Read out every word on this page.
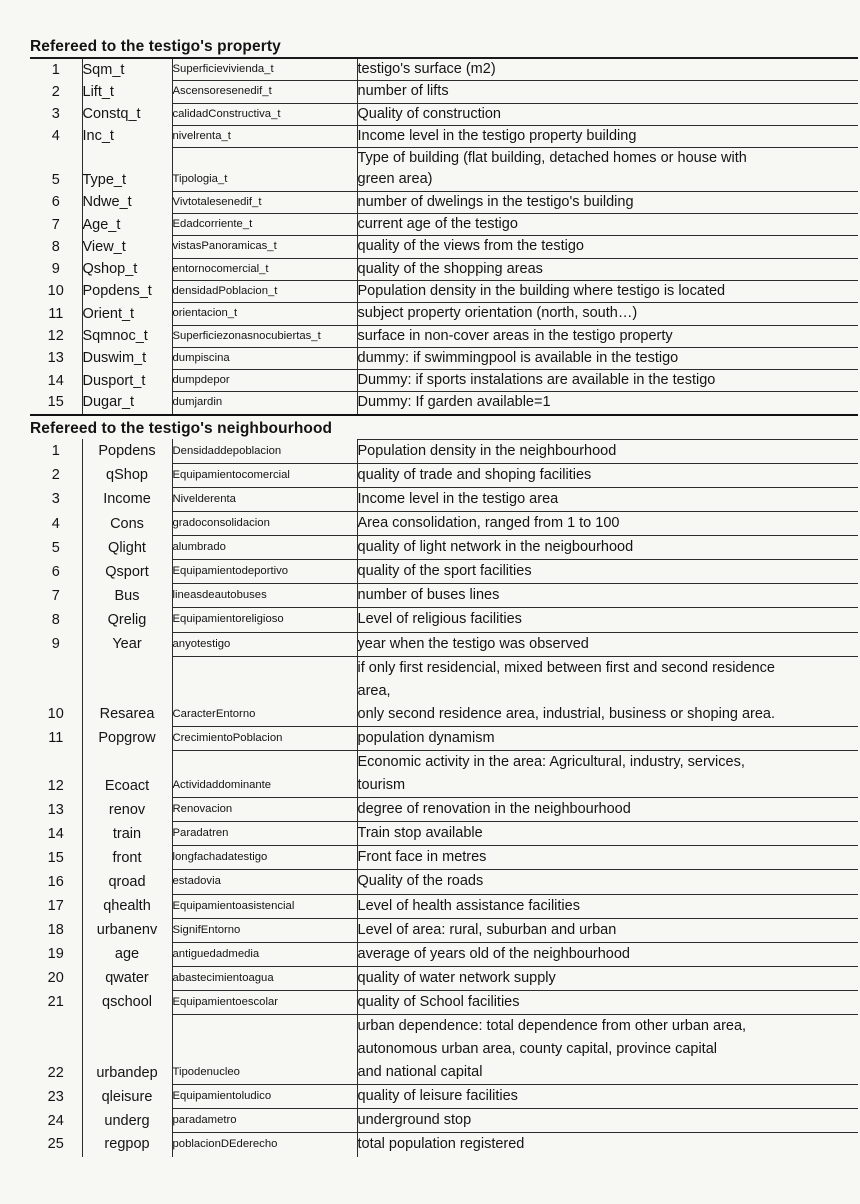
Refereed to the testigo's property
1	Sqm_t	Superficievivienda_t	testigo's surface (m2)

2	Lift_t	Ascensoresenedif_t	number of lifts

3	Constq_t	calidadConstructiva_t	Quality of construction

4	Inc_t	nivelrenta_t	Income level in the testigo property building

5	Type_t	Tipologia_t	Type of building (flat building, detached homes or house with
green area)

6	Ndwe_t	Vivtotalesenedif_t	number of dwelings in the testigo's building

7	Age_t	Edadcorriente_t	current age of the testigo

8	View_t	vistasPanoramicas_t	quality of the views from the testigo

9	Qshop_t	entornocomercial_t	quality of the shopping areas

10	Popdens_t	densidadPoblacion_t	Population density in the building where testigo is located

11	Orient_t	orientacion_t	subject property orientation (north, south…)

12	Sqmnoc_t	Superficiezonasnocubiertas_t	surface in non-cover areas in the testigo property

13	Duswim_t	dumpiscina	dummy: if swimmingpool is available in the testigo

14	Dusport_t	dumpdepor	Dummy: if sports instalations are available in the testigo

15	Dugar_t	dumjardin	Dummy: If garden available=1
Refereed to the testigo's neighbourhood
1	Popdens	Densidaddepoblacion	Population density in the neighbourhood

2	qShop	Equipamientocomercial	quality of trade and shoping facilities

3	Income	Nivelderenta	Income level in the testigo area

4	Cons	gradoconsolidacion	Area consolidation, ranged from 1 to 100

5	Qlight	alumbrado	quality of light network in the neigbourhood

6	Qsport	Equipamientodeportivo	quality of the sport facilities

7	Bus	lineasdeautobuses	number of buses lines

8	Qrelig	Equipamientoreligioso	Level of religious facilities

9	Year	anyotestigo	year when the testigo was observed

10	Resarea	CaracterEntorno	if only first residencial, mixed between first and second residence
area,
only second residence area, industrial, business or shoping area.

11	Popgrow	CrecimientoPoblacion	population dynamism

12	Ecoact	Actividaddominante	Economic activity in the area: Agricultural, industry, services,
tourism

13	renov	Renovacion	degree of renovation in the neighbourhood

14	train	Paradatren	Train stop available

15	front	longfachadatestigo	Front face in metres

16	qroad	estadovia	Quality of the roads

17	qhealth	Equipamientoasistencial	Level of health assistance facilities

18	urbanenv	SignifEntorno	Level of area: rural, suburban and urban

19	age	antiguedadmedia	average of years old of the neighbourhood

20	qwater	abastecimientoagua	quality of water network supply

21	qschool	Equipamientoescolar	quality of School facilities

22	urbandep	Tipodenucleo	urban dependence: total dependence from other urban area,
autonomous urban area, county capital, province capital
and national capital

23	qleisure	Equipamientoludico	quality of leisure facilities

24	underg	paradametro	underground stop

25	regpop	poblacionDEderecho	total population registered
